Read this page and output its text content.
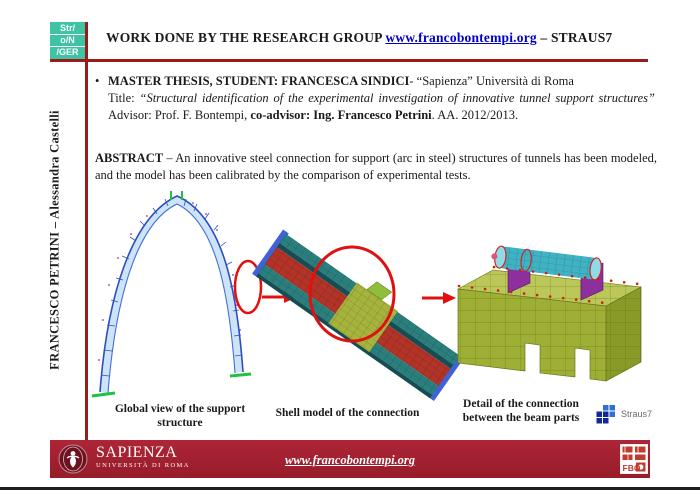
Str/
o/N
/GER
WORK DONE BY THE RESEARCH GROUP www.francobontempi.org – STRAUS7
FRANCESCO PETRINI – Alessandra Castelli
• MASTER THESIS, STUDENT: FRANCESCA SINDICI- “Sapienza” Università di Roma
Title: “Structural identification of the experimental investigation of innovative tunnel support structures” Advisor: Prof. F. Bontempi, co-advisor: Ing. Francesco Petrini. AA. 2012/2013.
ABSTRACT – An innovative steel connection for support (arc in steel) structures of tunnels has been modeled, and the model has been calibrated by the comparison of experimental tests.
Global view of the support structure
Shell model of the connection
Detail of the connection between the beam parts	Straus7
SAPIENZA
UNIVERSITÀ DI ROMA	www.francobontempi.org
FBO
